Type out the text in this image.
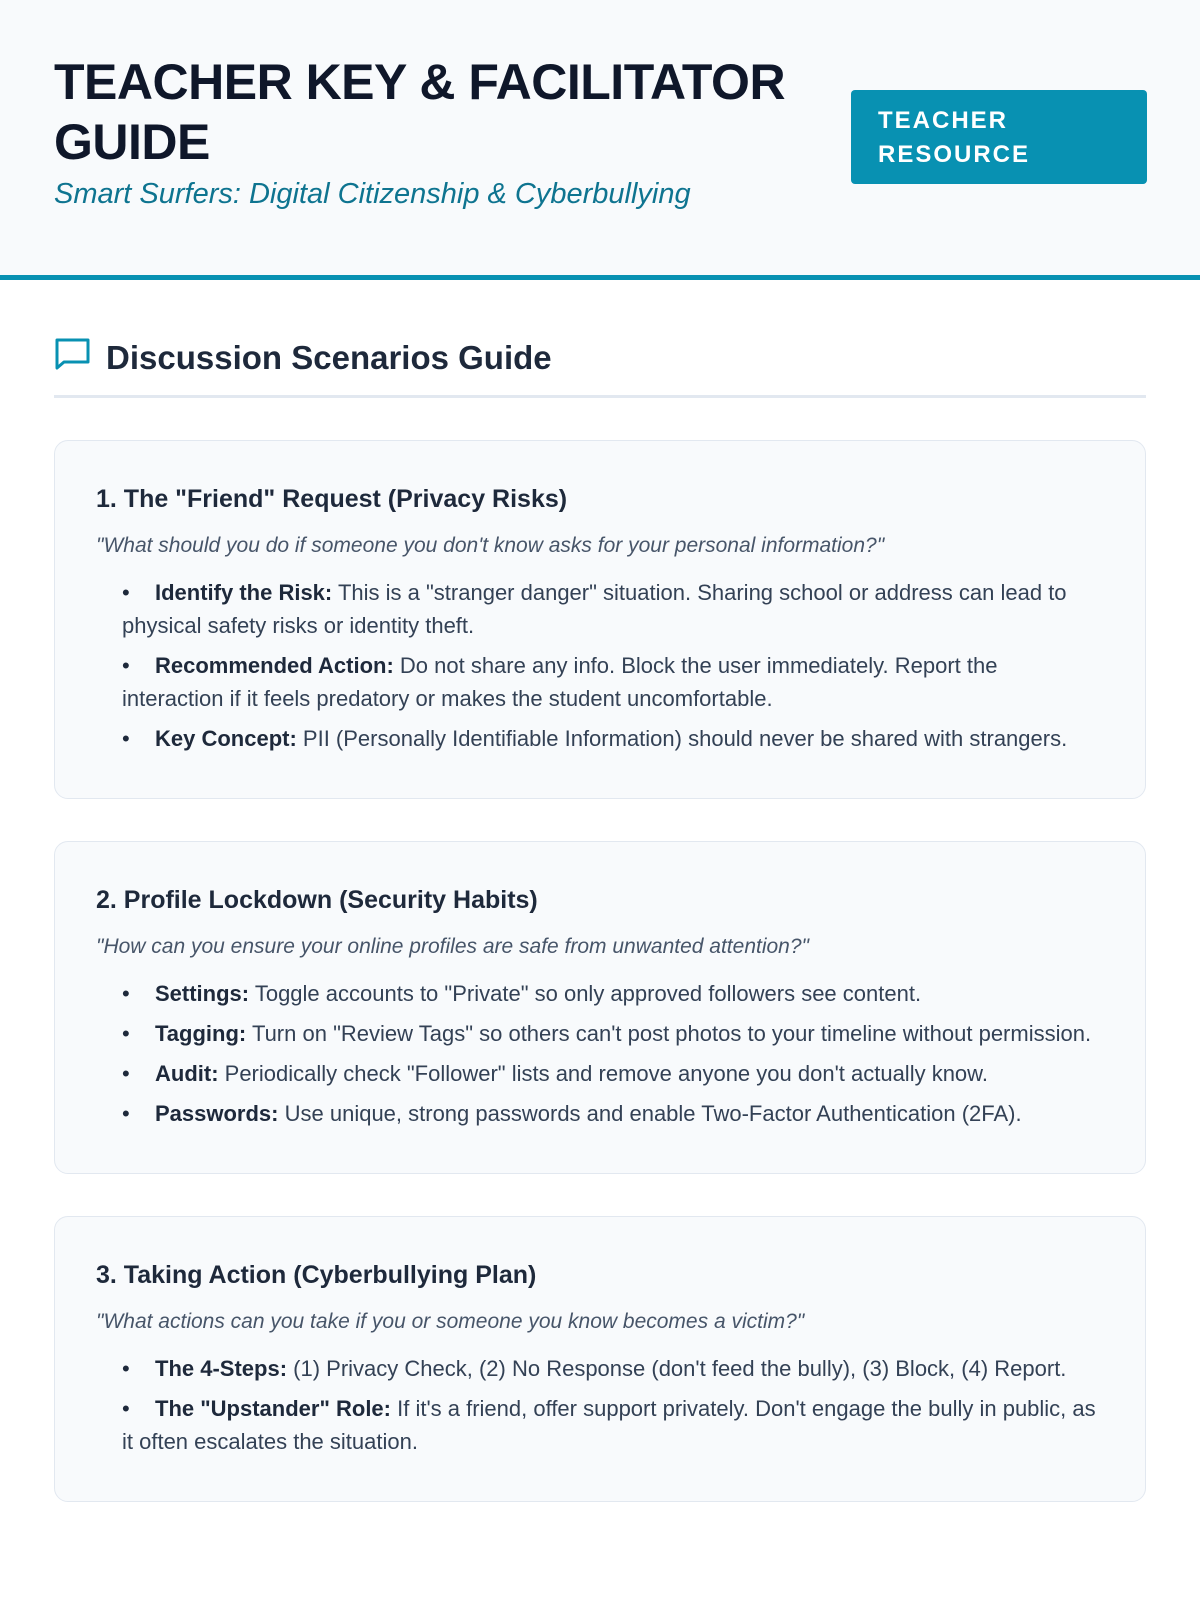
TEACHER KEY & FACILITATOR GUIDE
Smart Surfers: Digital Citizenship & Cyberbullying
TEACHER RESOURCE
Discussion Scenarios Guide
1. The "Friend" Request (Privacy Risks)

"What should you do if someone you don't know asks for your personal information?"

• Identify the Risk: This is a "stranger danger" situation. Sharing school or address can lead to physical safety risks or identity theft.
• Recommended Action: Do not share any info. Block the user immediately. Report the interaction if it feels predatory or makes the student uncomfortable.
• Key Concept: PII (Personally Identifiable Information) should never be shared with strangers.
2. Profile Lockdown (Security Habits)

"How can you ensure your online profiles are safe from unwanted attention?"

• Settings: Toggle accounts to "Private" so only approved followers see content.
• Tagging: Turn on "Review Tags" so others can't post photos to your timeline without permission.
• Audit: Periodically check "Follower" lists and remove anyone you don't actually know.
• Passwords: Use unique, strong passwords and enable Two-Factor Authentication (2FA).
3. Taking Action (Cyberbullying Plan)

"What actions can you take if you or someone you know becomes a victim?"

• The 4-Steps: (1) Privacy Check, (2) No Response (don't feed the bully), (3) Block, (4) Report.
• The "Upstander" Role: If it's a friend, offer support privately. Don't engage the bully in public, as it often escalates the situation.
